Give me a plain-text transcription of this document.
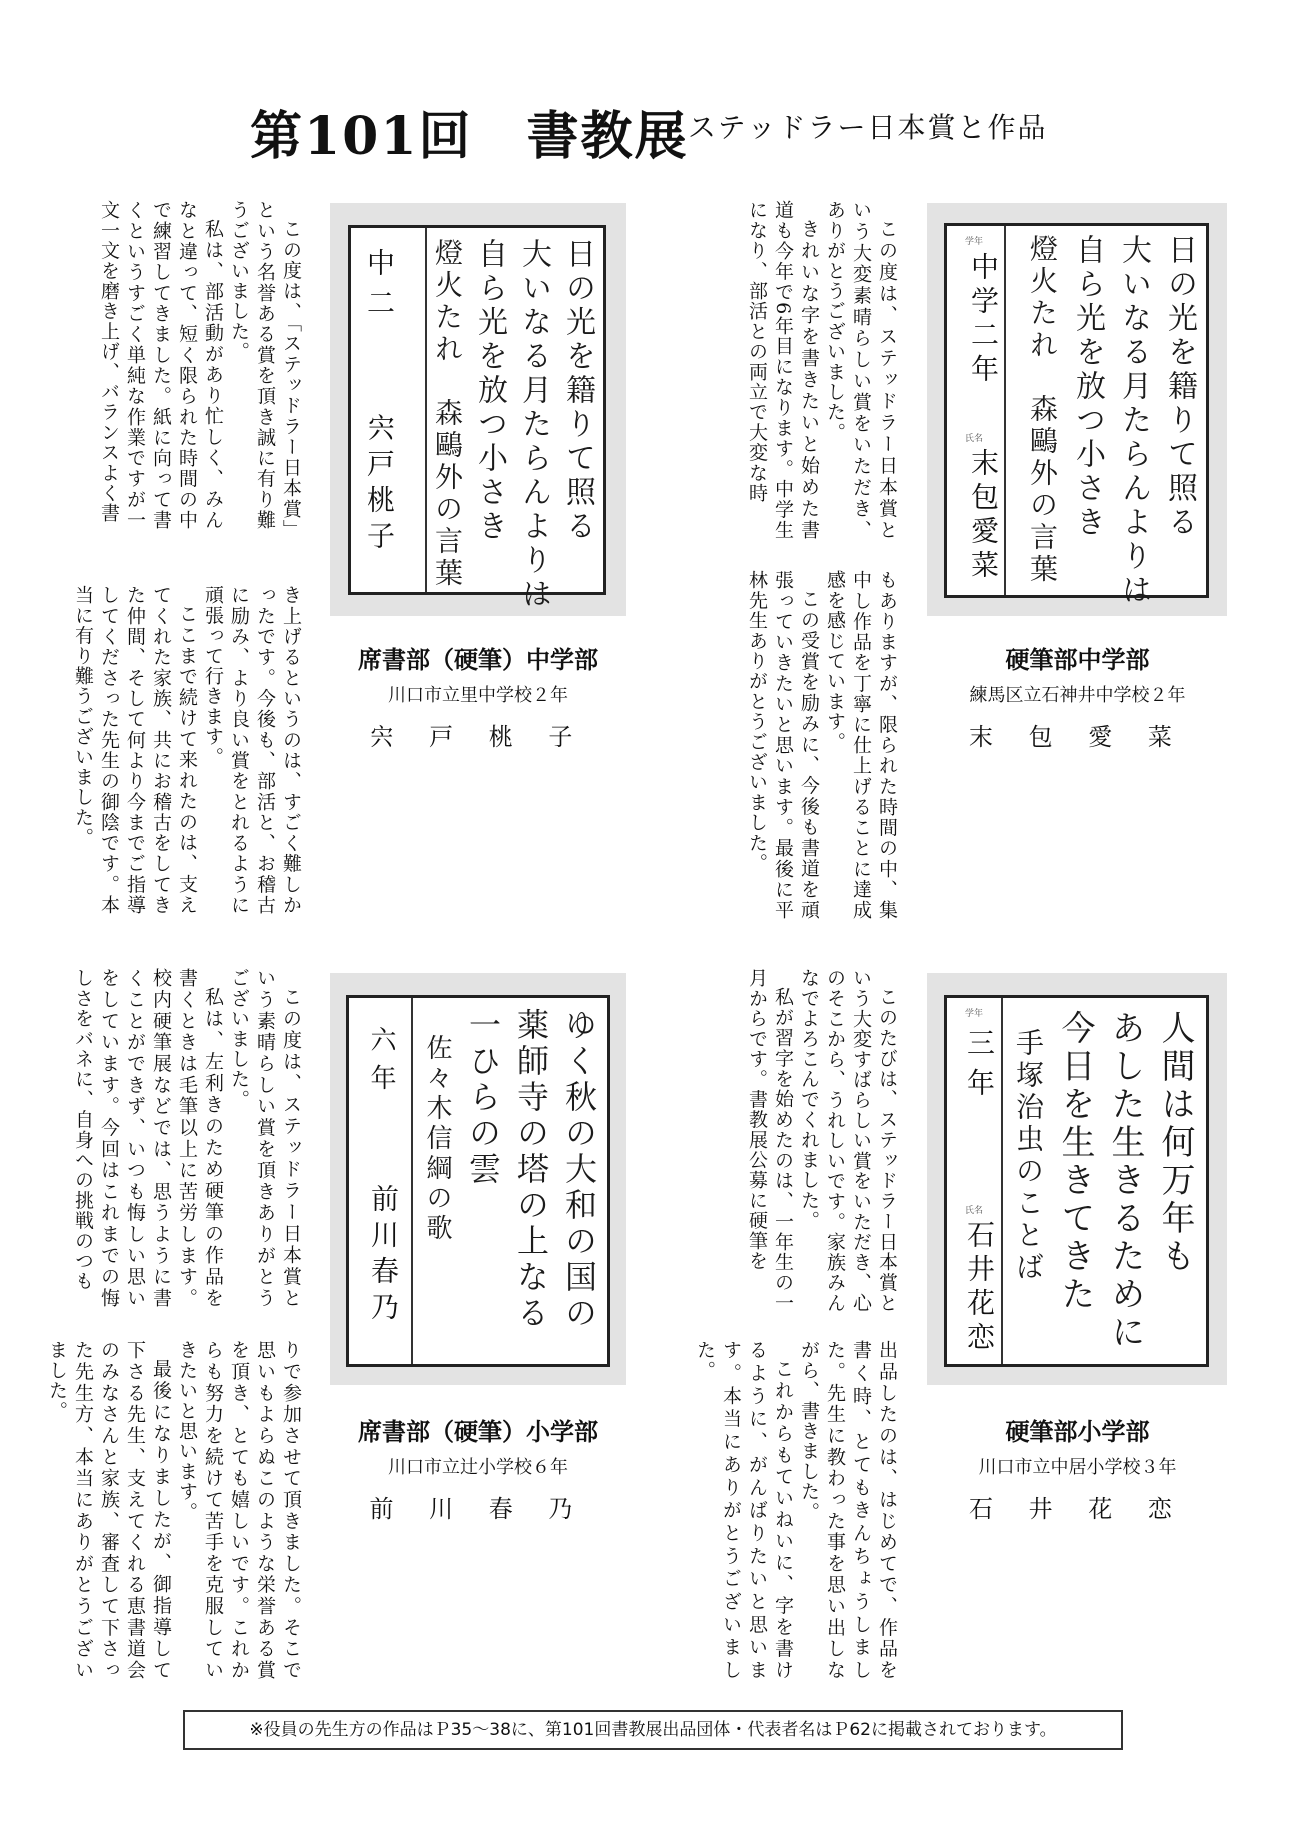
第101回　書教展 ステッドラー日本賞と作品

この度は、「ステッドラー日本賞」という名誉ある賞を頂き誠に有り難うございました。

私は、部活動があり忙しく、みんなと違って、短く限られた時間の中で練習してきました。紙に向って書くというすごく単純な作業ですが一文一文を磨き上げ、バランスよく書

き上げるというのは、すごく難しかったです。今後も、部活と、お稽古に励み、より良い賞をとれるように頑張って行きます。

ここまで続けて来れたのは、支えてくれた家族、共にお稽古をしてきた仲間、そして何より今までご指導してくださった先生の御陰です。本当に有り難うございました。

日の光を籍りて照る
大いなる月たらんよりは
自ら光を放つ小さき
燈火たれ　森鷗外の言葉
中二
宍戸桃子
席書部（硬筆）中学部
川口市立里中学校２年
宍 戸 桃 子

この度は、ステッドラー日本賞という大変素晴らしい賞をいただき、ありがとうございました。

きれいな字を書きたいと始めた書道も今年で6年目になります。中学生になり、部活との両立で大変な時

もありますが、限られた時間の中、集中し作品を丁寧に仕上げることに達成感を感じています。

この受賞を励みに、今後も書道を頑張っていきたいと思います。最後に平林先生ありがとうございました。

学年
氏名	日の光を籍りて照る
大いなる月たらんよりは
自ら光を放つ小さき
燈火たれ　森鷗外の言葉
中学二年
末包愛菜
硬筆部中学部
練馬区立石神井中学校２年
末 包 愛 菜

この度は、ステッドラー日本賞という素晴らしい賞を頂きありがとうございました。

私は、左利きのため硬筆の作品を書くときは毛筆以上に苦労します。校内硬筆展などでは、思うように書くことができず、いつも悔しい思いをしています。今回はこれまでの悔しさをバネに、自身への挑戦のつも

りで参加させて頂きました。そこで思いもよらぬこのような栄誉ある賞を頂き、とても嬉しいです。これからも努力を続けて苦手を克服していきたいと思います。

最後になりましたが、御指導して下さる先生、支えてくれる恵書道会のみなさんと家族、審査して下さった先生方、本当にありがとうございました。

ゆく秋の大和の国の
薬師寺の塔の上なる
一ひらの雲
佐々木信綱の歌
六年
前川春乃
席書部（硬筆）小学部
川口市立辻小学校６年
前 川 春 乃

このたびは、ステッドラー日本賞という大変すばらしい賞をいただき、心のそこから、うれしいです。家族みんなでよろこんでくれました。

私が習字を始めたのは、一年生の一月からです。書教展公募に硬筆を

出品したのは、はじめてで、作品を書く時、とてもきんちょうしました。先生に教わった事を思い出しながら、書きました。

これからもていねいに、字を書けるように、がんばりたいと思います。本当にありがとうございました。

学年
氏名	人間は何万年も
あした生きるために
今日を生きてきた
手塚治虫のことば
三年
石井花恋
硬筆部小学部
川口市立中居小学校３年
石 井 花 恋
※役員の先生方の作品はＰ35～38に、第101回書教展出品団体・代表者名はＰ62に掲載されております。
